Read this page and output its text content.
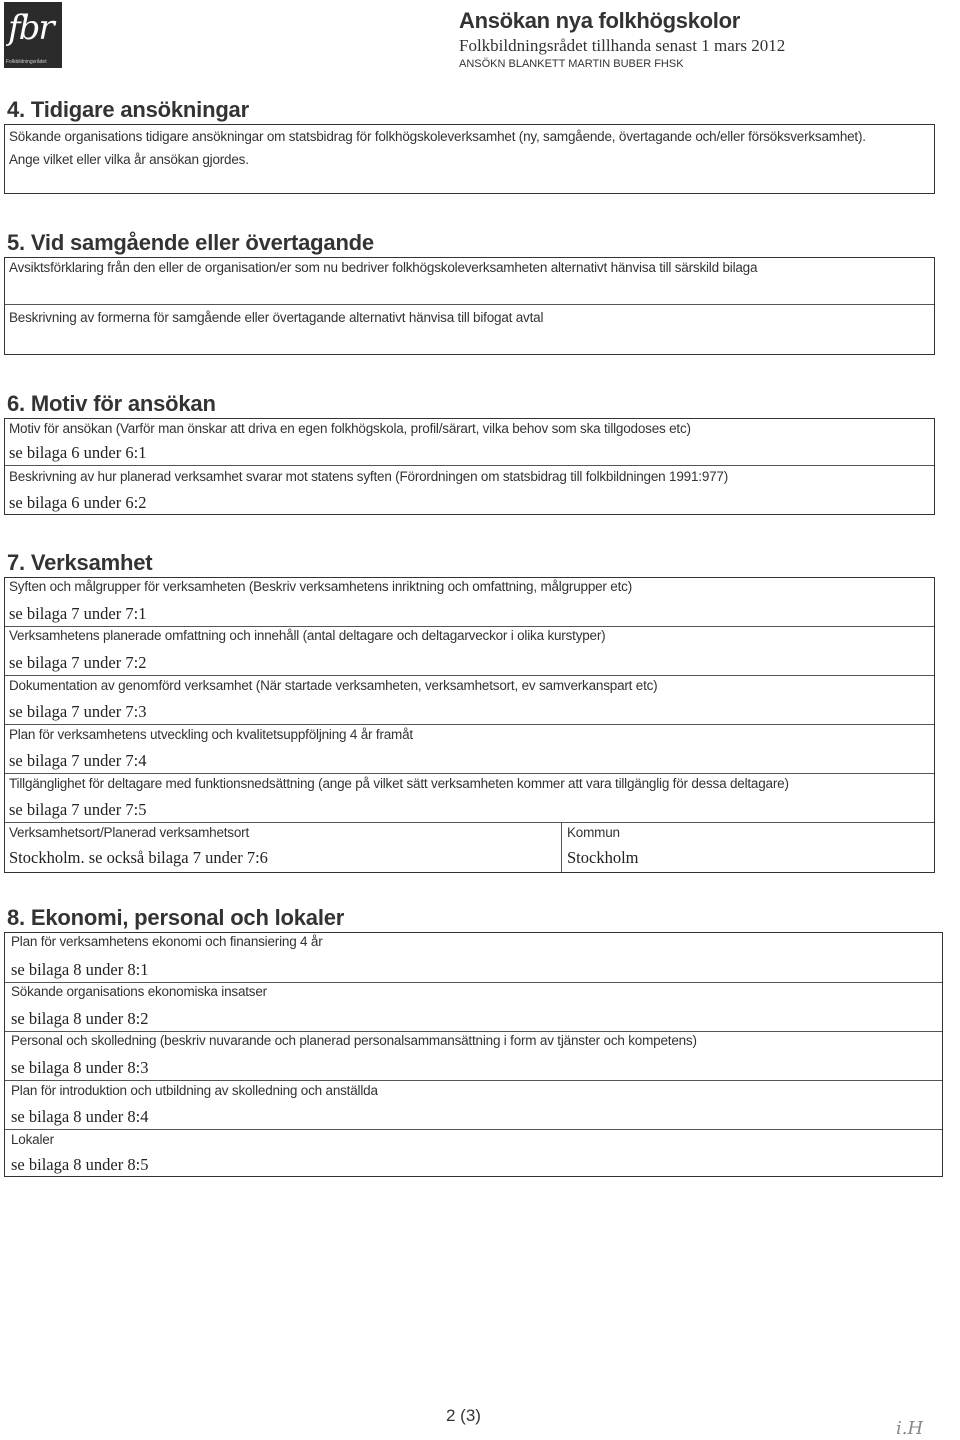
fbr
Folkbildningsrådet
Ansökan nya folkhögskolor
Folkbildningsrådet tillhanda senast 1 mars 2012
ANSÖKN BLANKETT MARTIN BUBER FHSK
4. Tidigare ansökningar
Sökande organisations tidigare ansökningar om statsbidrag för folkhögskoleverksamhet (ny, samgående, övertagande och/eller försöksverksamhet). Ange vilket eller vilka år ansökan gjordes.
5. Vid samgående eller övertagande
Avsiktsförklaring från den eller de organisation/er som nu bedriver folkhögskoleverksamheten alternativt hänvisa till särskild bilaga
Beskrivning av formerna för samgående eller övertagande alternativt hänvisa till bifogat avtal
6. Motiv för ansökan
Motiv för ansökan (Varför man önskar att driva en egen folkhögskola, profil/särart, vilka behov som ska tillgodoses etc)
se bilaga 6 under 6:1
Beskrivning av hur planerad verksamhet svarar mot statens syften (Förordningen om statsbidrag till folkbildningen 1991:977)
se bilaga 6 under 6:2
7. Verksamhet
Syften och målgrupper för verksamheten (Beskriv verksamhetens inriktning och omfattning, målgrupper etc)
se bilaga 7 under 7:1
Verksamhetens planerade omfattning och innehåll (antal deltagare och deltagarveckor i olika kurstyper)
se bilaga 7 under 7:2
Dokumentation av genomförd verksamhet (När startade verksamheten, verksamhetsort, ev samverkanspart etc)
se bilaga 7 under 7:3
Plan för verksamhetens utveckling och kvalitetsuppföljning 4 år framåt
se bilaga 7 under 7:4
Tillgänglighet för deltagare med funktionsnedsättning (ange på vilket sätt verksamheten kommer att vara tillgänglig för dessa deltagare)
se bilaga 7 under 7:5
Verksamhetsort/Planerad verksamhetsort
Stockholm. se också bilaga 7 under 7:6
Kommun
Stockholm
8. Ekonomi, personal och lokaler
Plan för verksamhetens ekonomi och finansiering 4 år
se bilaga 8 under 8:1
Sökande organisations ekonomiska insatser
se bilaga 8 under 8:2
Personal och skolledning (beskriv nuvarande och planerad personalsammansättning i form av tjänster och kompetens)
se bilaga 8 under 8:3
Plan för introduktion och utbildning av skolledning och anställda
se bilaga 8 under 8:4
Lokaler
se bilaga 8 under 8:5
2 (3)
i.H
